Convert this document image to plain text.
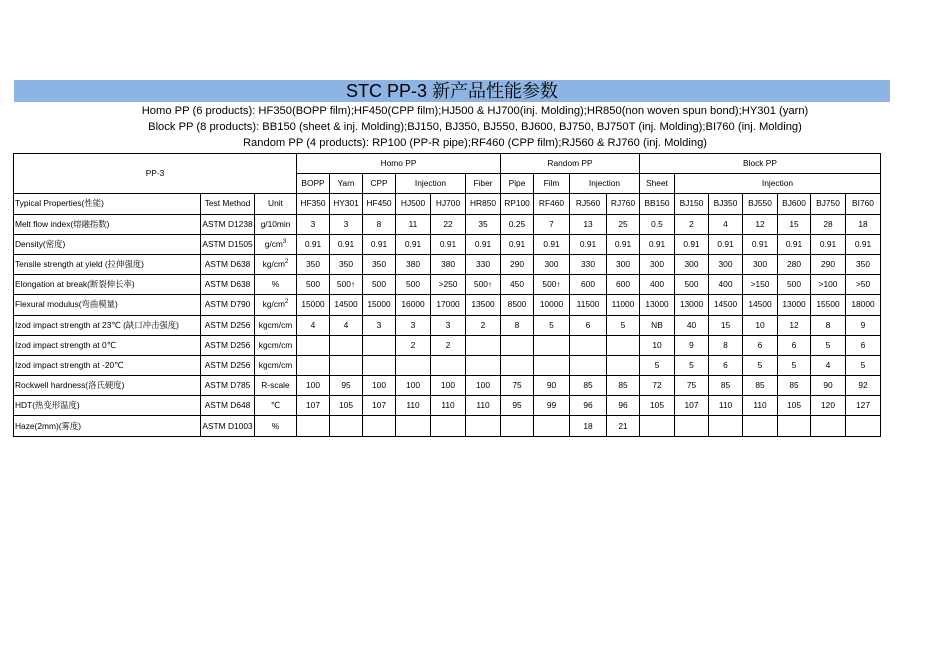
STC PP-3 新产品性能参数
Homo PP (6 products): HF350(BOPP film);HF450(CPP film);HJ500 & HJ700(inj. Molding);HR850(non woven spun bond);HY301 (yarn)
Block PP (8 products): BB150 (sheet & inj. Molding);BJ150, BJ350, BJ550, BJ600, BJ750, BJ750T (inj. Molding);BI760 (inj. Molding)
Random PP (4 products): RP100 (PP-R pipe);RF460 (CPP film);RJ560 & RJ760 (inj. Molding)
PP-3			Homo PP						Random PP				Block PP						
			BOPP	Yarn	CPP	Injection		Fiber	Pipe	Film	Injection		Sheet	Injection					
Typical Properties(性能)	Test Method	Unit	HF350	HY301	HF450	HJ500	HJ700	HR850	RP100	RF460	RJ560	RJ760	BB150	BJ150	BJ350	BJ550	BJ600	BJ750	BI760
Melt flow index(熔融指数)	ASTM D1238	g/10min	3	3	8	11	22	35	0.25	7	13	25	0.5	2	4	12	15	28	18
Density(密度)	ASTM D1505	$g/cm^3$	0.91	0.91	0.91	0.91	0.91	0.91	0.91	0.91	0.91	0.91	0.91	0.91	0.91	0.91	0.91	0.91	0.91
Tensile strength at yield (拉伸强度)	ASTM D638	$kg/cm^2$	350	350	350	380	380	330	290	300	330	300	300	300	300	300	280	290	350
Elongation at break(断裂伸长率)	ASTM D638	%	500	500↑	500	500	>250	500↑	450	500↑	600	600	400	500	400	>150	500	>100	>50
Flexural modulus(弯曲模量)	ASTM D790	$kg/cm^2$	15000	14500	15000	16000	17000	13500	8500	10000	11500	11000	13000	13000	14500	14500	13000	15500	18000
Izod impact strength at 23℃ (缺口冲击强度)	ASTM D256	kgcm/cm	4	4	3	3	3	2	8	5	6	5	NB	40	15	10	12	8	9
Izod impact strength at 0℃	ASTM D256	kgcm/cm				2	2						10	9	8	6	6	5	6
Izod impact strength at -20℃	ASTM D256	kgcm/cm											5	5	6	5	5	4	5
Rockwell hardness(洛氏硬度)	ASTM D785	R-scale	100	95	100	100	100	100	75	90	85	85	72	75	85	85	85	90	92
HDT(热变形温度)	ASTM D648	℃	107	105	107	110	110	110	95	99	96	96	105	107	110	110	105	120	127
Haze(2mm)(雾度)	ASTM D1003	%									18	21							
